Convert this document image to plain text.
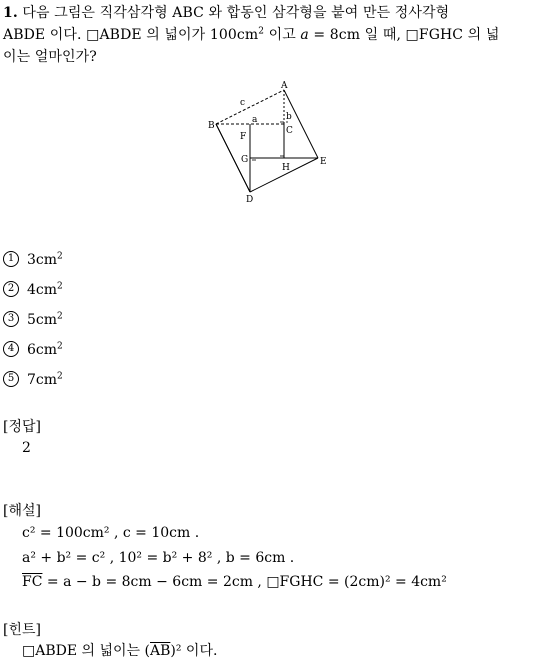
1. 다음 그림은 직각삼각형 ABC 와 합동인 삼각형을 붙여 만든 정사각형
ABDE 이다. □ABDE 의 넓이가 $100cm^2$ 이고 a = 8cm 일 때, □FGHC 의 넓
이는 얼마인가?
A
B	C
D
E
F
G
H
a	b
c
1 $3cm^2$
2 $4cm^2$
3 $5cm^2$
4 $6cm^2$
5 $7cm^2$
[정답]
2
[해설]
c² = 100cm² , c = 10cm .
a² + b² = c² , 10² = b² + 8² , b = 6cm .
$\overline{FC} = a - b = 8cm - 6cm = 2cm$ , □FGHC = (2cm)² = 4cm²
[힌트]
□ABDE 의 넓이는 $(\overline{AB})^2$ 이다.
